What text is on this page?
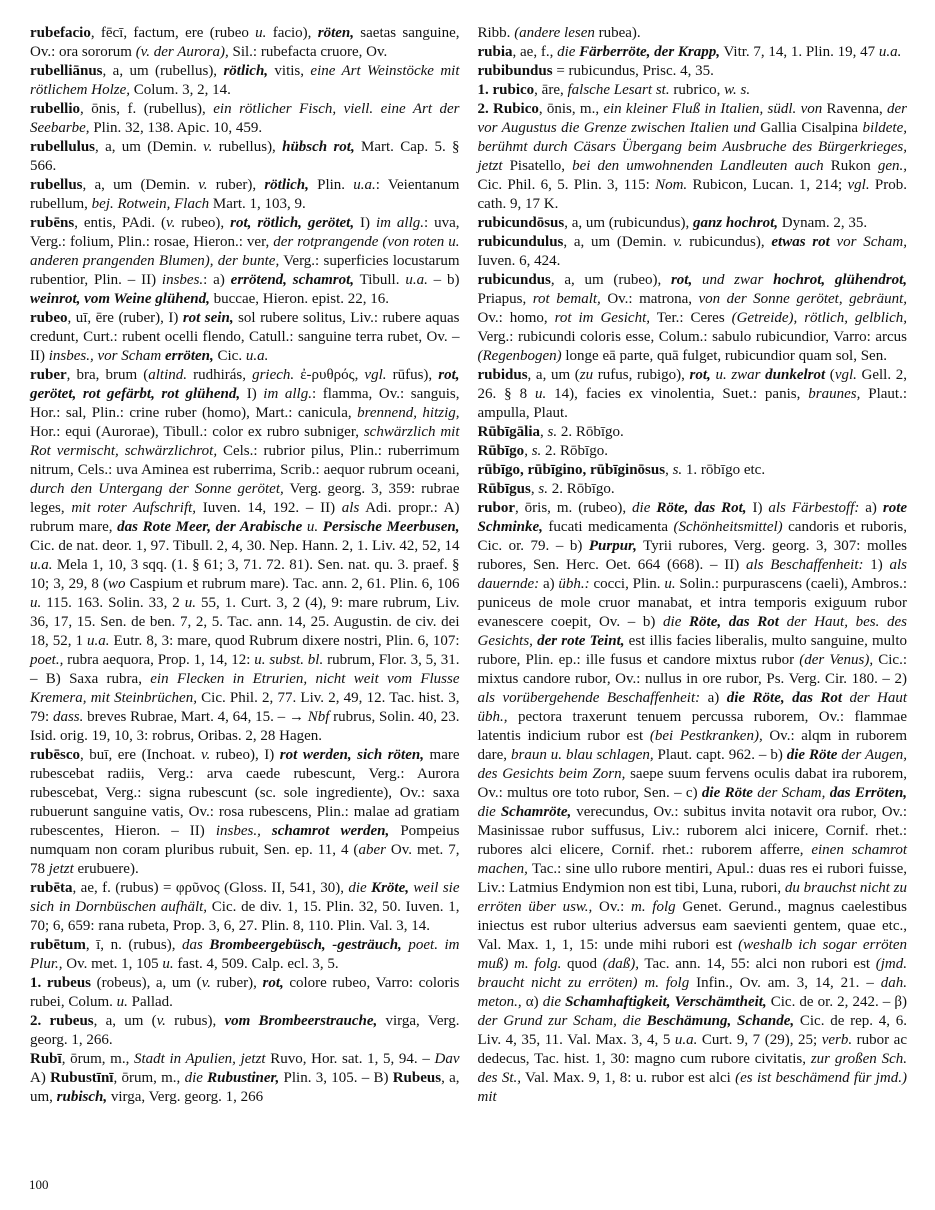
rubefacio, fēcī, factum, ere (rubeo u. facio), röten, saetas sanguine, Ov.: ora sororum (v. der Aurora), Sil.: rubefacta cruore, Ov.

rubelliānus, a, um (rubellus), rötlich, vitis, eine Art Weinstöcke mit rötlichem Holze, Colum. 3, 2, 14.

rubellio, ōnis, f. (rubellus), ein rötlicher Fisch, viell. eine Art der Seebarbe, Plin. 32, 138. Apic. 10, 459.

rubellulus, a, um (Demin. v. rubellus), hübsch rot, Mart. Cap. 5. § 566.

rubellus, a, um (Demin. v. ruber), rötlich, Plin. u.a.: Veientanum rubellum, bej. Rotwein, Flach Mart. 1, 103, 9.

rubēns, entis, PAdi. (v. rubeo), rot, rötlich, gerötet, I) im allg.: uva, Verg.: folium, Plin.: rosae, Hieron.: ver, der rotprangende (von roten u. anderen prangenden Blumen), der bunte, Verg.: superficies locustarum rubentior, Plin. – II) insbes.: a) errötend, schamrot, Tibull. u.a. – b) weinrot, vom Weine glühend, buccae, Hieron. epist. 22, 16.

rubeo, uī, ēre (ruber), I) rot sein, sol rubere solitus, Liv.: rubere aquas credunt, Curt.: rubent ocelli flendo, Catull.: sanguine terra rubet, Ov. – II) insbes., vor Scham erröten, Cic. u.a.

ruber, bra, brum (altind. rudhirás, griech. ἐ-ρυθρός, vgl. rūfus), rot, gerötet, rot gefärbt, rot glühend, I) im allg.: flamma, Ov.: sanguis, Hor.: sal, Plin.: crine ruber (homo), Mart.: canicula, brennend, hitzig, Hor.: equi (Aurorae), Tibull.: color ex rubro subniger, schwärzlich mit Rot vermischt, schwärzlichrot, Cels.: rubrior pilus, Plin.: ruberrimum nitrum, Cels.: uva Aminea est ruberrima, Scrib.: aequor rubrum oceani, durch den Untergang der Sonne gerötet, Verg. georg. 3, 359: rubrae leges, mit roter Aufschrift, Iuven. 14, 192. – II) als Adi. propr.: A) rubrum mare, das Rote Meer, der Arabische u. Persische Meerbusen, Cic. de nat. deor. 1, 97. Tibull. 2, 4, 30. Nep. Hann. 2, 1. Liv. 42, 52, 14 u.a. Mela 1, 10, 3 sqq. (1. § 61; 3, 71. 72. 81). Sen. nat. qu. 3. praef. § 10; 3, 29, 8 (wo Caspium et rubrum mare). Tac. ann. 2, 61. Plin. 6, 106 u. 115. 163. Solin. 33, 2 u. 55, 1. Curt. 3, 2 (4), 9: mare rubrum, Liv. 36, 17, 15. Sen. de ben. 7, 2, 5. Tac. ann. 14, 25. Augustin. de civ. dei 18, 52, 1 u.a. Eutr. 8, 3: mare, quod Rubrum dixere nostri, Plin. 6, 107: poet., rubra aequora, Prop. 1, 14, 12: u. subst. bl. rubrum, Flor. 3, 5, 31. – B) Saxa rubra, ein Flecken in Etrurien, nicht weit vom Flusse Kremera, mit Steinbrüchen, Cic. Phil. 2, 77. Liv. 2, 49, 12. Tac. hist. 3, 79: dass. breves Rubrae, Mart. 4, 64, 15. – → Nbf rubrus, Solin. 40, 23. Isid. orig. 19, 10, 3: robrus, Oribas. 2, 28 Hagen.

rubēsco, buī, ere (Inchoat. v. rubeo), I) rot werden, sich röten, mare rubescebat radiis, Verg.: arva caede rubescunt, Verg.: Aurora rubescebat, Verg.: signa rubescunt (sc. sole ingrediente), Ov.: saxa rubuerunt sanguine vatis, Ov.: rosa rubescens, Plin.: malae ad gratiam rubescentes, Hieron. – II) insbes., schamrot werden, Pompeius numquam non coram pluribus rubuit, Sen. ep. 11, 4 (aber Ov. met. 7, 78 jetzt erubuere).

rubēta, ae, f. (rubus) = φρῦνος (Gloss. II, 541, 30), die Kröte, weil sie sich in Dornbüschen aufhält, Cic. de div. 1, 15. Plin. 32, 50. Iuven. 1, 70; 6, 659: rana rubeta, Prop. 3, 6, 27. Plin. 8, 110. Plin. Val. 3, 14.

rubētum, ī, n. (rubus), das Brombeergebüsch, -gesträuch, poet. im Plur., Ov. met. 1, 105 u. fast. 4, 509. Calp. ecl. 3, 5.

1. rubeus (robeus), a, um (v. ruber), rot, colore rubeo, Varro: coloris rubei, Colum. u. Pallad.

2. rubeus, a, um (v. rubus), vom Brombeerstrauche, virga, Verg. georg. 1, 266.

Rubī, ōrum, m., Stadt in Apulien, jetzt Ruvo, Hor. sat. 1, 5, 94. – Dav A) Rubustīnī, ōrum, m., die Rubustiner, Plin. 3, 105. – B) Rubeus, a, um, rubisch, virga, Verg. georg. 1, 266

Ribb. (andere lesen rubea).

rubia, ae, f., die Färberröte, der Krapp, Vitr. 7, 14, 1. Plin. 19, 47 u.a.

rubibundus = rubicundus, Prisc. 4, 35.

1. rubico, āre, falsche Lesart st. rubrico, w. s.

2. Rubico, ōnis, m., ein kleiner Fluß in Italien, südl. von Ravenna, der vor Augustus die Grenze zwischen Italien und Gallia Cisalpina bildete, berühmt durch Cäsars Übergang beim Ausbruche des Bürgerkrieges, jetzt Pisatello, bei den umwohnenden Landleuten auch Rukon gen., Cic. Phil. 6, 5. Plin. 3, 115: Nom. Rubicon, Lucan. 1, 214; vgl. Prob. cath. 9, 17 K.

rubicundōsus, a, um (rubicundus), ganz hochrot, Dynam. 2, 35.

rubicundulus, a, um (Demin. v. rubicundus), etwas rot vor Scham, Iuven. 6, 424.

rubicundus, a, um (rubeo), rot, und zwar hochrot, glühendrot, Priapus, rot bemalt, Ov.: matrona, von der Sonne gerötet, gebräunt, Ov.: homo, rot im Gesicht, Ter.: Ceres (Getreide), rötlich, gelblich, Verg.: rubicundi coloris esse, Colum.: sabulo rubicundior, Varro: arcus (Regenbogen) longe eā parte, quā fulget, rubicundior quam sol, Sen.

rubidus, a, um (zu rufus, rubigo), rot, u. zwar dunkelrot (vgl. Gell. 2, 26. § 8 u. 14), facies ex vinolentia, Suet.: panis, braunes, Plaut.: ampulla, Plaut.

Rūbīgālia, s. 2. Rōbīgo.

Rūbīgo, s. 2. Rōbīgo.

rūbīgo, rūbīgino, rūbīginōsus, s. 1. rōbīgo etc.

Rūbīgus, s. 2. Rōbīgo.

rubor, ōris, m. (rubeo), die Röte, das Rot, I) als Färbestoff: a) rote Schminke, fucati medicamenta (Schönheitsmittel) candoris et ruboris, Cic. or. 79. – b) Purpur, Tyrii rubores, Verg. georg. 3, 307: molles rubores, Sen. Herc. Oet. 664 (668). – II) als Beschaffenheit: 1) als dauernde: a) übh.: cocci, Plin. u. Solin.: purpurascens (caeli), Ambros.: puniceus de mole cruor manabat, et intra temporis exiguum rubor evanescere coepit, Ov. – b) die Röte, das Rot der Haut, bes. des Gesichts, der rote Teint, est illis facies liberalis, multo sanguine, multo rubore, Plin. ep.: ille fusus et candore mixtus rubor (der Venus), Cic.: mixtus candore rubor, Ov.: nullus in ore rubor, Ps. Verg. Cir. 180. – 2) als vorübergehende Beschaffenheit: a) die Röte, das Rot der Haut übh., pectora traxerunt tenuem percussa ruborem, Ov.: flammae latentis indicium rubor est (bei Pestkranken), Ov.: alqm in ruborem dare, braun u. blau schlagen, Plaut. capt. 962. – b) die Röte der Augen, des Gesichts beim Zorn, saepe suum fervens oculis dabat ira ruborem, Ov.: multus ore toto rubor, Sen. – c) die Röte der Scham, das Erröten, die Schamröte, verecundus, Ov.: subitus invita notavit ora rubor, Ov.: Masinissae rubor suffusus, Liv.: ruborem alci inicere, Cornif. rhet.: rubores alci elicere, Cornif. rhet.: ruborem afferre, einen schamrot machen, Tac.: sine ullo rubore mentiri, Apul.: duas res ei rubori fuisse, Liv.: Latmius Endymion non est tibi, Luna, rubori, du brauchst nicht zu erröten über usw., Ov.: m. folg Genet. Gerund., magnus caelestibus iniectus est rubor ulterius adversus eam saevienti gentem, quae etc., Val. Max. 1, 1, 15: unde mihi rubori est (weshalb ich sogar erröten muß) m. folg. quod (daß), Tac. ann. 14, 55: alci non rubori est (jmd. braucht nicht zu erröten) m. folg Infin., Ov. am. 3, 14, 21. – dah. meton., α) die Schamhaftigkeit, Verschämtheit, Cic. de or. 2, 242. – β) der Grund zur Scham, die Beschämung, Schande, Cic. de rep. 4, 6. Liv. 4, 35, 11. Val. Max. 3, 4, 5 u.a. Curt. 9, 7 (29), 25; verb. rubor ac dedecus, Tac. hist. 1, 30: magno cum rubore civitatis, zur großen Sch. des St., Val. Max. 9, 1, 8: u. rubor est alci (es ist beschämend für jmd.) mit

100
